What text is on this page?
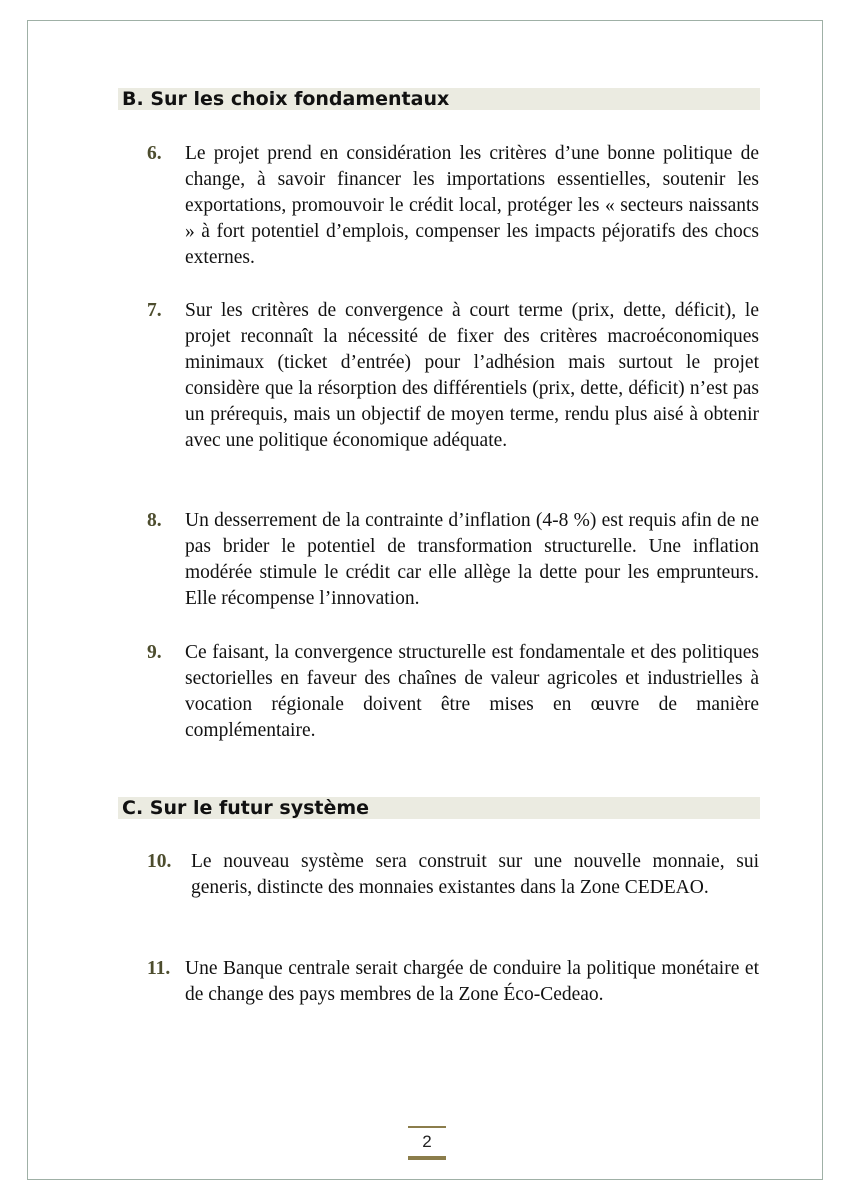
B. Sur les choix fondamentaux
6. Le projet prend en considération les critères d’une bonne politique de change, à savoir financer les importations essentielles, soutenir les exportations, promouvoir le crédit local, protéger les « secteurs naissants » à fort potentiel d’emplois, compenser les impacts péjoratifs des chocs externes.
7. Sur les critères de convergence à court terme (prix, dette, déficit), le projet reconnaît la nécessité de fixer des critères macroéconomiques minimaux (ticket d’entrée) pour l’adhésion mais surtout le projet considère que la résorption des différentiels (prix, dette, déficit) n’est pas un prérequis, mais un objectif de moyen terme, rendu plus aisé à obtenir avec une politique économique adéquate.
8. Un desserrement de la contrainte d’inflation (4-8 %) est requis afin de ne pas brider le potentiel de transformation structurelle. Une inflation modérée stimule le crédit car elle allège la dette pour les emprunteurs. Elle récompense l’innovation.
9. Ce faisant, la convergence structurelle est fondamentale et des politiques sectorielles en faveur des chaînes de valeur agricoles et industrielles à vocation régionale doivent être mises en œuvre de manière complémentaire.
C. Sur le futur système
10. Le nouveau système sera construit sur une nouvelle monnaie, sui generis, distincte des monnaies existantes dans la Zone CEDEAO.
11. Une Banque centrale serait chargée de conduire la politique monétaire et de change des pays membres de la Zone Éco-Cedeao.
2
